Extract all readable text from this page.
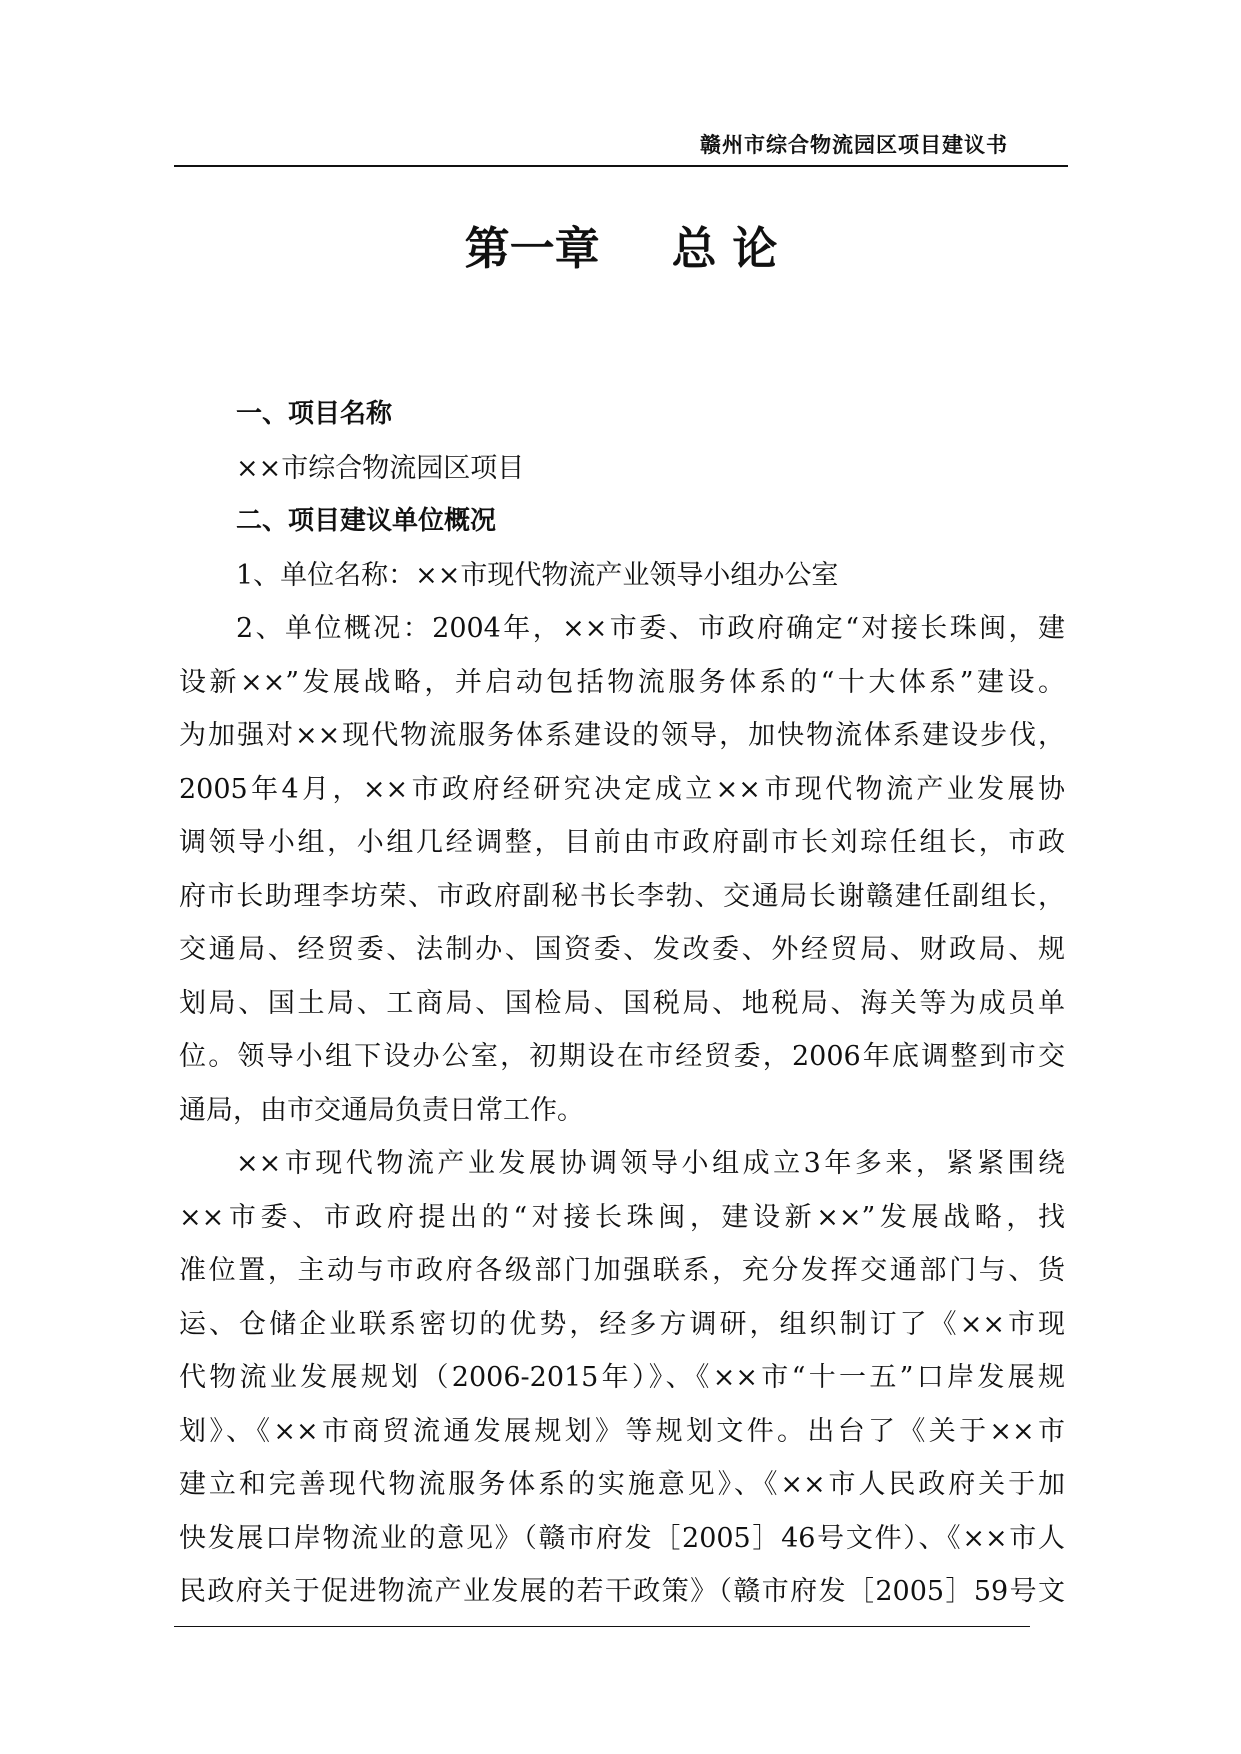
赣州市综合物流园区项目建议书
第一章 总 论
一、项目名称
××市综合物流园区项目
二、项目建议单位概况
1、单位名称：××市现代物流产业领导小组办公室
2、单位概况：2004年，××市委、市政府确定“对接长珠闽，建
设新××”发展战略，并启动包括物流服务体系的“十大体系”建设。
为加强对××现代物流服务体系建设的领导，加快物流体系建设步伐，
2005年4月，××市政府经研究决定成立××市现代物流产业发展协
调领导小组，小组几经调整，目前由市政府副市长刘琮任组长，市政
府市长助理李坊荣、市政府副秘书长李勃、交通局长谢赣建任副组长，
交通局、经贸委、法制办、国资委、发改委、外经贸局、财政局、规
划局、国土局、工商局、国检局、国税局、地税局、海关等为成员单
位。领导小组下设办公室，初期设在市经贸委，2006年底调整到市交
通局，由市交通局负责日常工作。
××市现代物流产业发展协调领导小组成立3年多来，紧紧围绕
××市委、市政府提出的“对接长珠闽，建设新××”发展战略，找
准位置，主动与市政府各级部门加强联系，充分发挥交通部门与、货
运、仓储企业联系密切的优势，经多方调研，组织制订了《××市现
代物流业发展规划（2006-2015年）》、《××市“十一五”口岸发展规
划》、《××市商贸流通发展规划》等规划文件。出台了《关于××市
建立和完善现代物流服务体系的实施意见》、《××市人民政府关于加
快发展口岸物流业的意见》（赣市府发［2005］46号文件）、《××市人
民政府关于促进物流产业发展的若干政策》（赣市府发［2005］59号文
